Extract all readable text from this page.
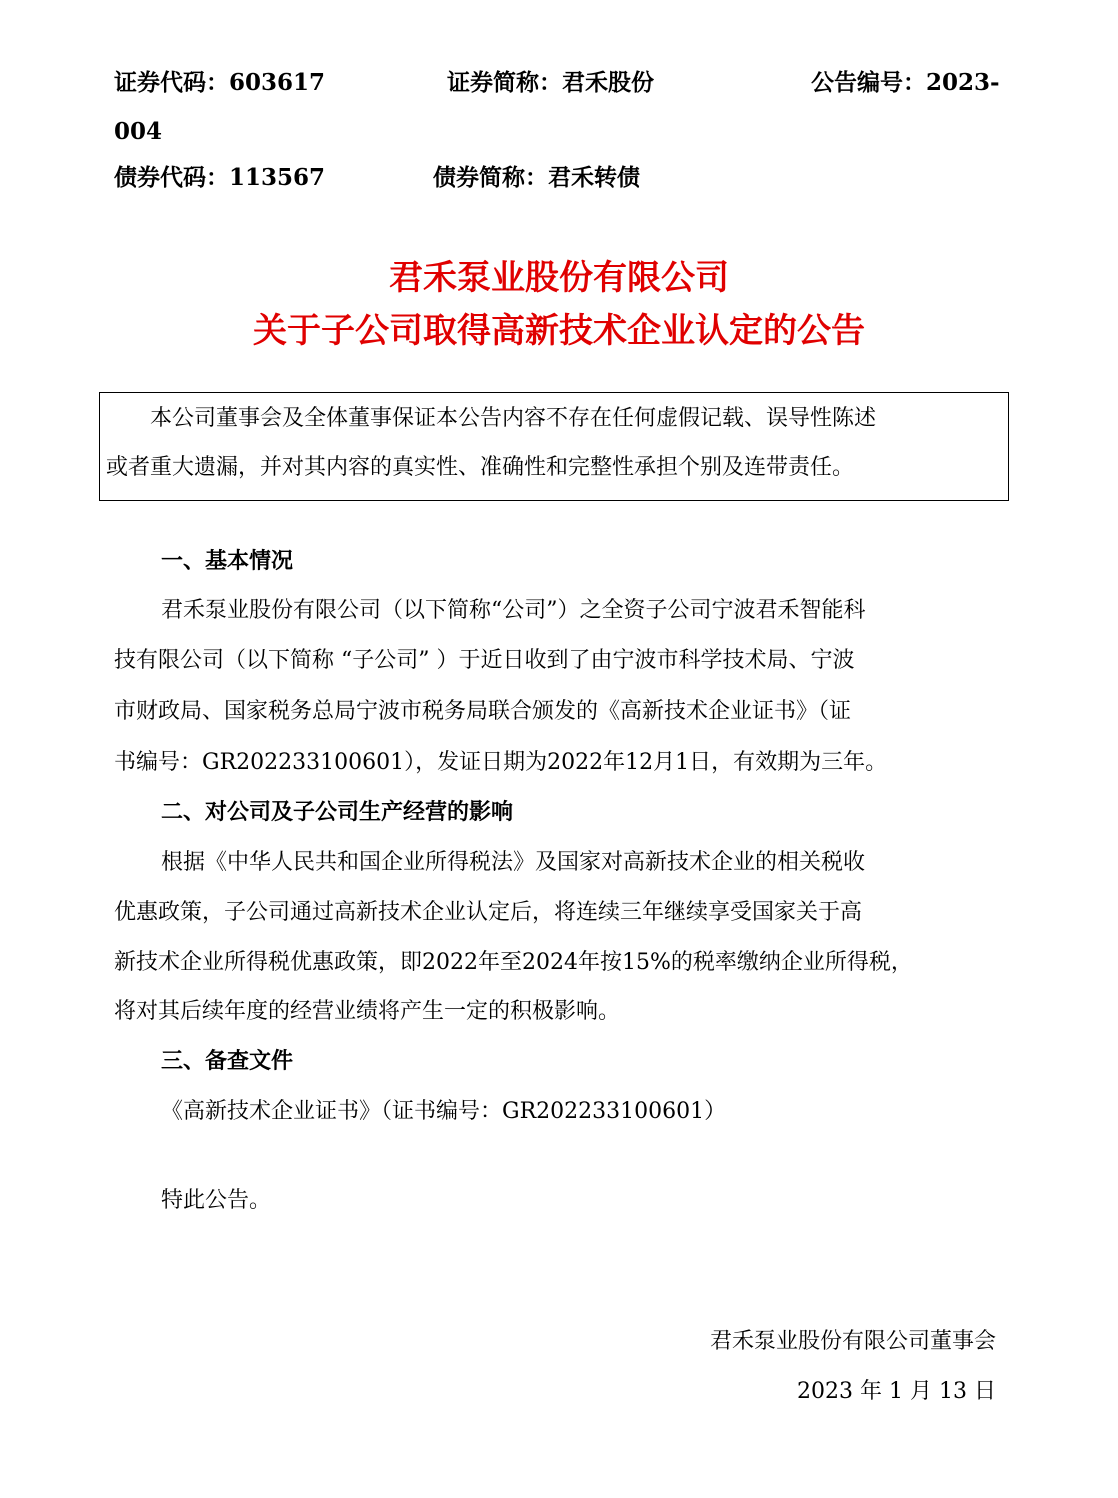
证券代码：603617	证券简称：君禾股份	公告编号：2023-
004
债券代码：113567	债券简称：君禾转债
君禾泵业股份有限公司
关于子公司取得高新技术企业认定的公告
本公司董事会及全体董事保证本公告内容不存在任何虚假记载、误导性陈述
或者重大遗漏，并对其内容的真实性、准确性和完整性承担个别及连带责任。
一、基本情况
君禾泵业股份有限公司（以下简称“公司”）之全资子公司宁波君禾智能科
技有限公司（以下简称 “子公司” ）于近日收到了由宁波市科学技术局、宁波
市财政局、国家税务总局宁波市税务局联合颁发的《高新技术企业证书》（证
书编号：GR202233100601），发证日期为2022年12月1日，有效期为三年。
二、对公司及子公司生产经营的影响
根据《中华人民共和国企业所得税法》及国家对高新技术企业的相关税收
优惠政策，子公司通过高新技术企业认定后，将连续三年继续享受国家关于高
新技术企业所得税优惠政策，即2022年至2024年按15%的税率缴纳企业所得税，
将对其后续年度的经营业绩将产生一定的积极影响。
三、备查文件
《高新技术企业证书》（证书编号：GR202233100601）
特此公告。
君禾泵业股份有限公司董事会
2023 年 1 月 13 日
